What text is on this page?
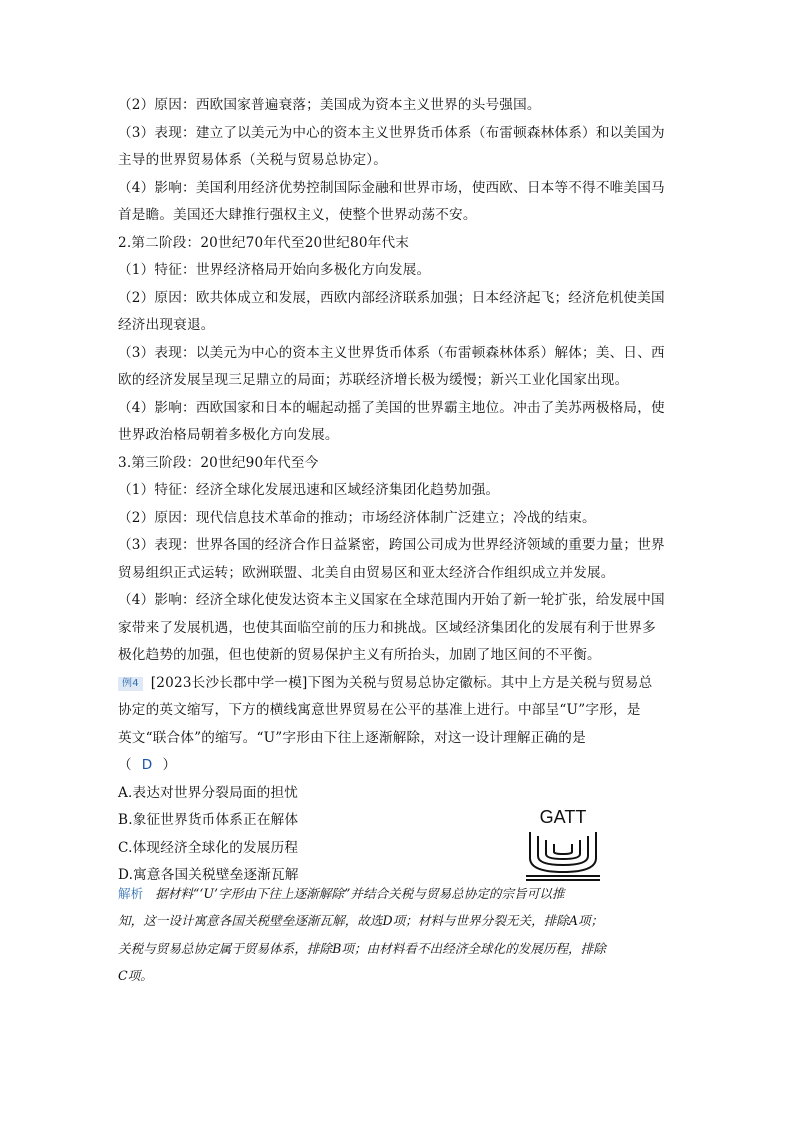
（2）原因：西欧国家普遍衰落；美国成为资本主义世界的头号强国。
（3）表现：建立了以美元为中心的资本主义世界货币体系（布雷顿森林体系）和以美国为
主导的世界贸易体系（关税与贸易总协定）。
（4）影响：美国利用经济优势控制国际金融和世界市场，使西欧、日本等不得不唯美国马
首是瞻。美国还大肆推行强权主义，使整个世界动荡不安。
2.第二阶段：20世纪70年代至20世纪80年代末
（1）特征：世界经济格局开始向多极化方向发展。
（2）原因：欧共体成立和发展，西欧内部经济联系加强；日本经济起飞；经济危机使美国
经济出现衰退。
（3）表现：以美元为中心的资本主义世界货币体系（布雷顿森林体系）解体；美、日、西
欧的经济发展呈现三足鼎立的局面；苏联经济增长极为缓慢；新兴工业化国家出现。
（4）影响：西欧国家和日本的崛起动摇了美国的世界霸主地位。冲击了美苏两极格局，使
世界政治格局朝着多极化方向发展。
3.第三阶段：20世纪90年代至今
（1）特征：经济全球化发展迅速和区域经济集团化趋势加强。
（2）原因：现代信息技术革命的推动；市场经济体制广泛建立；冷战的结束。
（3）表现：世界各国的经济合作日益紧密，跨国公司成为世界经济领域的重要力量；世界
贸易组织正式运转；欧洲联盟、北美自由贸易区和亚太经济合作组织成立并发展。
（4）影响：经济全球化使发达资本主义国家在全球范围内开始了新一轮扩张，给发展中国
家带来了发展机遇，也使其面临空前的压力和挑战。区域经济集团化的发展有利于世界多
极化趋势的加强，但也使新的贸易保护主义有所抬头，加剧了地区间的不平衡。
例4 [2023长沙长郡中学一模]下图为关税与贸易总协定徽标。其中上方是关税与贸易总
协定的英文缩写，下方的横线寓意世界贸易在公平的基准上进行。中部呈“U”字形，是
英文“联合体”的缩写。“U”字形由下往上逐渐解除，对这一设计理解正确的是
（ D ）
A.表达对世界分裂局面的担忧
B.象征世界货币体系正在解体
C.体现经济全球化的发展历程
D.寓意各国关税壁垒逐渐瓦解
GATT
解析 据材料“‘U’字形由下往上逐渐解除”并结合关税与贸易总协定的宗旨可以推
知，这一设计寓意各国关税壁垒逐渐瓦解，故选D项；材料与世界分裂无关，排除A项；
关税与贸易总协定属于贸易体系，排除B项；由材料看不出经济全球化的发展历程，排除
C项。
